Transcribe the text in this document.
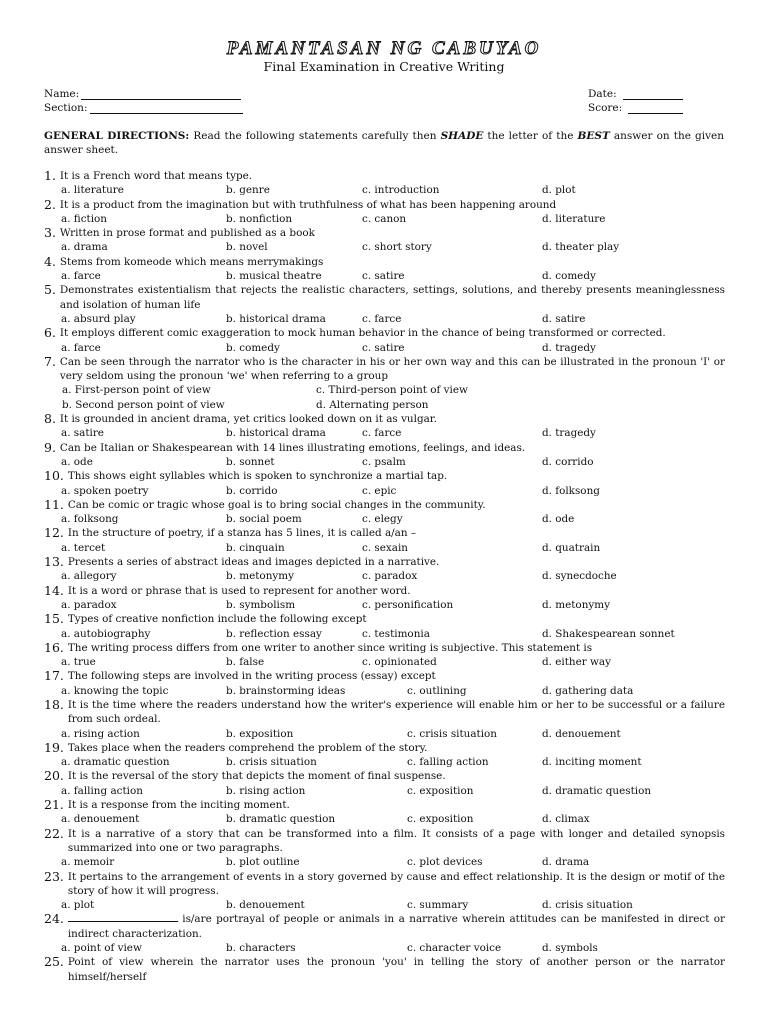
PAMANTASAN NG CABUYAO
Final Examination in Creative Writing
Name:
Section:
Date:
Score:
GENERAL DIRECTIONS: Read the following statements carefully then SHADE the letter of the BEST answer on the given answer sheet.
1. It is a French word that means type.
a. literature	b. genre	c. introduction	d. plot
2. It is a product from the imagination but with truthfulness of what has been happening around
a. fiction	b. nonfiction	c. canon	d. literature
3. Written in prose format and published as a book
a. drama	b. novel	c. short story	d. theater play
4. Stems from komeode which means merrymakings
a. farce	b. musical theatre	c. satire	d. comedy
5. Demonstrates existentialism that rejects the realistic characters, settings, solutions, and thereby presents meaninglessness and isolation of human life
a. absurd play	b. historical drama	c. farce	d. satire
6. It employs different comic exaggeration to mock human behavior in the chance of being transformed or corrected.
a. farce	b. comedy	c. satire	d. tragedy
7. Can be seen through the narrator who is the character in his or her own way and this can be illustrated in the pronoun 'I' or very seldom using the pronoun 'we' when referring to a group
a. First-person point of view	c. Third-person point of view
b. Second person point of view	d. Alternating person
8. It is grounded in ancient drama, yet critics looked down on it as vulgar.
a. satire	b. historical drama	c. farce	d. tragedy
9. Can be Italian or Shakespearean with 14 lines illustrating emotions, feelings, and ideas.
a. ode	b. sonnet	c. psalm	d. corrido
10. This shows eight syllables which is spoken to synchronize a martial tap.
a. spoken poetry	b. corrido	c. epic	d. folksong
11. Can be comic or tragic whose goal is to bring social changes in the community.
a. folksong	b. social poem	c. elegy	d. ode
12. In the structure of poetry, if a stanza has 5 lines, it is called a/an –
a. tercet	b. cinquain	c. sexain	d. quatrain
13. Presents a series of abstract ideas and images depicted in a narrative.
a. allegory	b. metonymy	c. paradox	d. synecdoche
14. It is a word or phrase that is used to represent for another word.
a. paradox	b. symbolism	c. personification	d. metonymy
15. Types of creative nonfiction include the following except
a. autobiography	b. reflection essay	c. testimonia	d. Shakespearean sonnet
16. The writing process differs from one writer to another since writing is subjective. This statement is
a. true	b. false	c. opinionated	d. either way
17. The following steps are involved in the writing process (essay) except
a. knowing the topic	b. brainstorming ideas	c. outlining	d. gathering data
18. It is the time where the readers understand how the writer's experience will enable him or her to be successful or a failure from such ordeal.
a. rising action	b. exposition	c. crisis situation	d. denouement
19. Takes place when the readers comprehend the problem of the story.
a. dramatic question	b. crisis situation	c. falling action	d. inciting moment
20. It is the reversal of the story that depicts the moment of final suspense.
a. falling action	b. rising action	c. exposition	d. dramatic question
21. It is a response from the inciting moment.
a. denouement	b. dramatic question	c. exposition	d. climax
22. It is a narrative of a story that can be transformed into a film. It consists of a page with longer and detailed synopsis summarized into one or two paragraphs.
a. memoir	b. plot outline	c. plot devices	d. drama
23. It pertains to the arrangement of events in a story governed by cause and effect relationship. It is the design or motif of the story of how it will progress.
a. plot	b. denouement	c. summary	d. crisis situation
24.	is/are portrayal of people or animals in a narrative wherein attitudes can be manifested in direct or indirect characterization.
a. point of view	b. characters	c. character voice	d. symbols
25. Point of view wherein the narrator uses the pronoun 'you' in telling the story of another person or the narrator himself/herself
